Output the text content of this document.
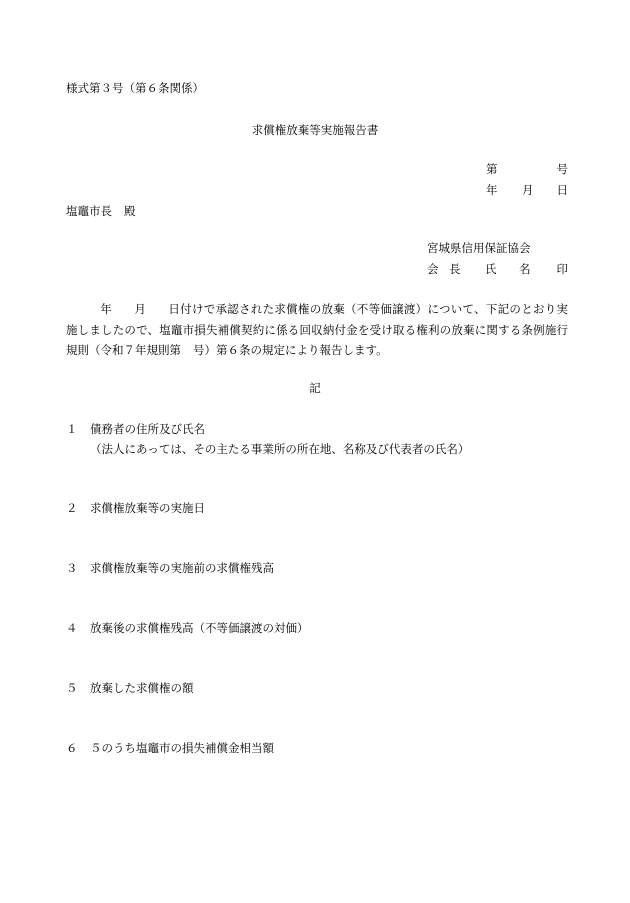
様式第３号（第６条関係）
求償権放棄等実施報告書
第	号
年 月 日
塩竈市長 殿
宮城県信用保証協会
会 長 氏 名 印

年 月 日付けで承認された求償権の放棄（不等価譲渡）について、下記のとおり実施しましたので、塩竈市損失補償契約に係る回収納付金を受け取る権利の放棄に関する条例施行規則（令和７年規則第 号）第６条の規定により報告します。

記
１ 債務者の住所及び氏名
（法人にあっては、その主たる事業所の所在地、名称及び代表者の氏名）
２ 求償権放棄等の実施日
３ 求償権放棄等の実施前の求償権残高
４ 放棄後の求償権残高（不等価譲渡の対価）
５ 放棄した求償権の額
６ ５のうち塩竈市の損失補償金相当額
